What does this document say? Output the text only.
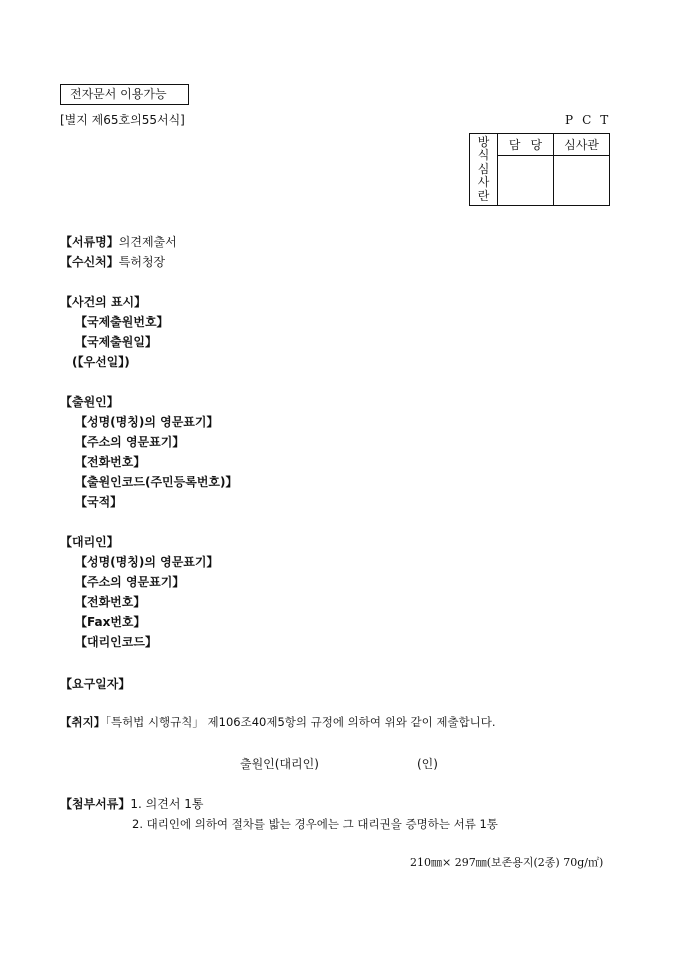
전자문서 이용가능
[별지 제65호의55서식]	PCT
방
식
심
사
란	담당	심사관

【서류명】의견제출서
【수신처】특허청장
【사건의 표시】
【국제출원번호】
【국제출원일】
(【우선일】)
【출원인】
【성명(명칭)의 영문표기】
【주소의 영문표기】
【전화번호】
【출원인코드(주민등록번호)】
【국적】
【대리인】
【성명(명칭)의 영문표기】
【주소의 영문표기】
【전화번호】
【Fax번호】
【대리인코드】
【요구일자】
【취지】「특허법 시행규칙」 제106조40제5항의 규정에 의하여 위와 같이 제출합니다.
출원인(대리인)	(인)
【첨부서류】1. 의견서 1통
2. 대리인에 의하여 절차를 밟는 경우에는 그 대리권을 증명하는 서류 1통
210㎜× 297㎜(보존용지(2종) 70g/㎡)
